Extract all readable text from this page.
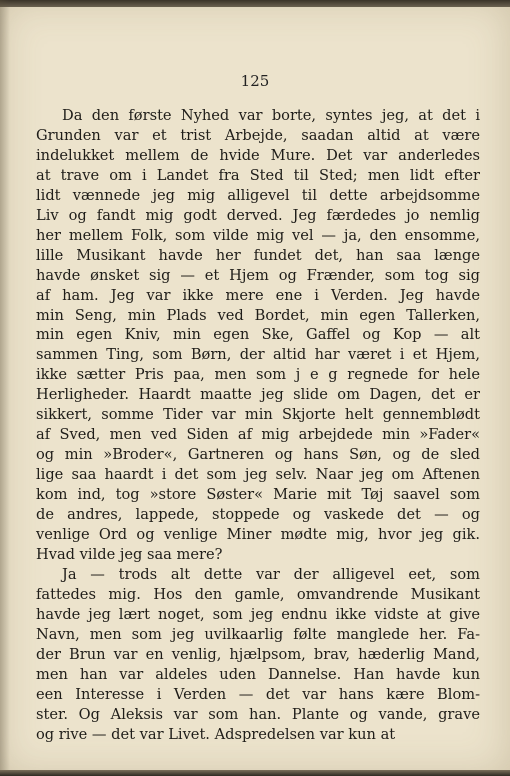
125
Da den første Nyhed var borte, syntes jeg, at det i
Grunden var et trist Arbejde, saadan altid at være
indelukket mellem de hvide Mure. Det var anderledes
at trave om i Landet fra Sted til Sted; men lidt efter
lidt vænnede jeg mig alligevel til dette arbejdsomme
Liv og fandt mig godt derved. Jeg færdedes jo nemlig
her mellem Folk, som vilde mig vel — ja, den ensomme,
lille Musikant havde her fundet det, han saa længe
havde ønsket sig — et Hjem og Frænder, som tog sig
af ham. Jeg var ikke mere ene i Verden. Jeg havde
min Seng, min Plads ved Bordet, min egen Tallerken,
min egen Kniv, min egen Ske, Gaffel og Kop — alt
sammen Ting, som Børn, der altid har været i et Hjem,
ikke sætter Pris paa, men som j e g regnede for hele
Herligheder. Haardt maatte jeg slide om Dagen, det er
sikkert, somme Tider var min Skjorte helt gennemblødt
af Sved, men ved Siden af mig arbejdede min »Fader«
og min »Broder«, Gartneren og hans Søn, og de sled
lige saa haardt i det som jeg selv. Naar jeg om Aftenen
kom ind, tog »store Søster« Marie mit Tøj saavel som
de andres, lappede, stoppede og vaskede det — og
venlige Ord og venlige Miner mødte mig, hvor jeg gik.
Hvad vilde jeg saa mere?
Ja — trods alt dette var der alligevel eet, som
fattedes mig. Hos den gamle, omvandrende Musikant
havde jeg lært noget, som jeg endnu ikke vidste at give
Navn, men som jeg uvilkaarlig følte manglede her. Fa-
der Brun var en venlig, hjælpsom, brav, hæderlig Mand,
men han var aldeles uden Dannelse. Han havde kun
een Interesse i Verden — det var hans kære Blom-
ster. Og Aleksis var som han. Plante og vande, grave
og rive — det var Livet. Adspredelsen var kun at
